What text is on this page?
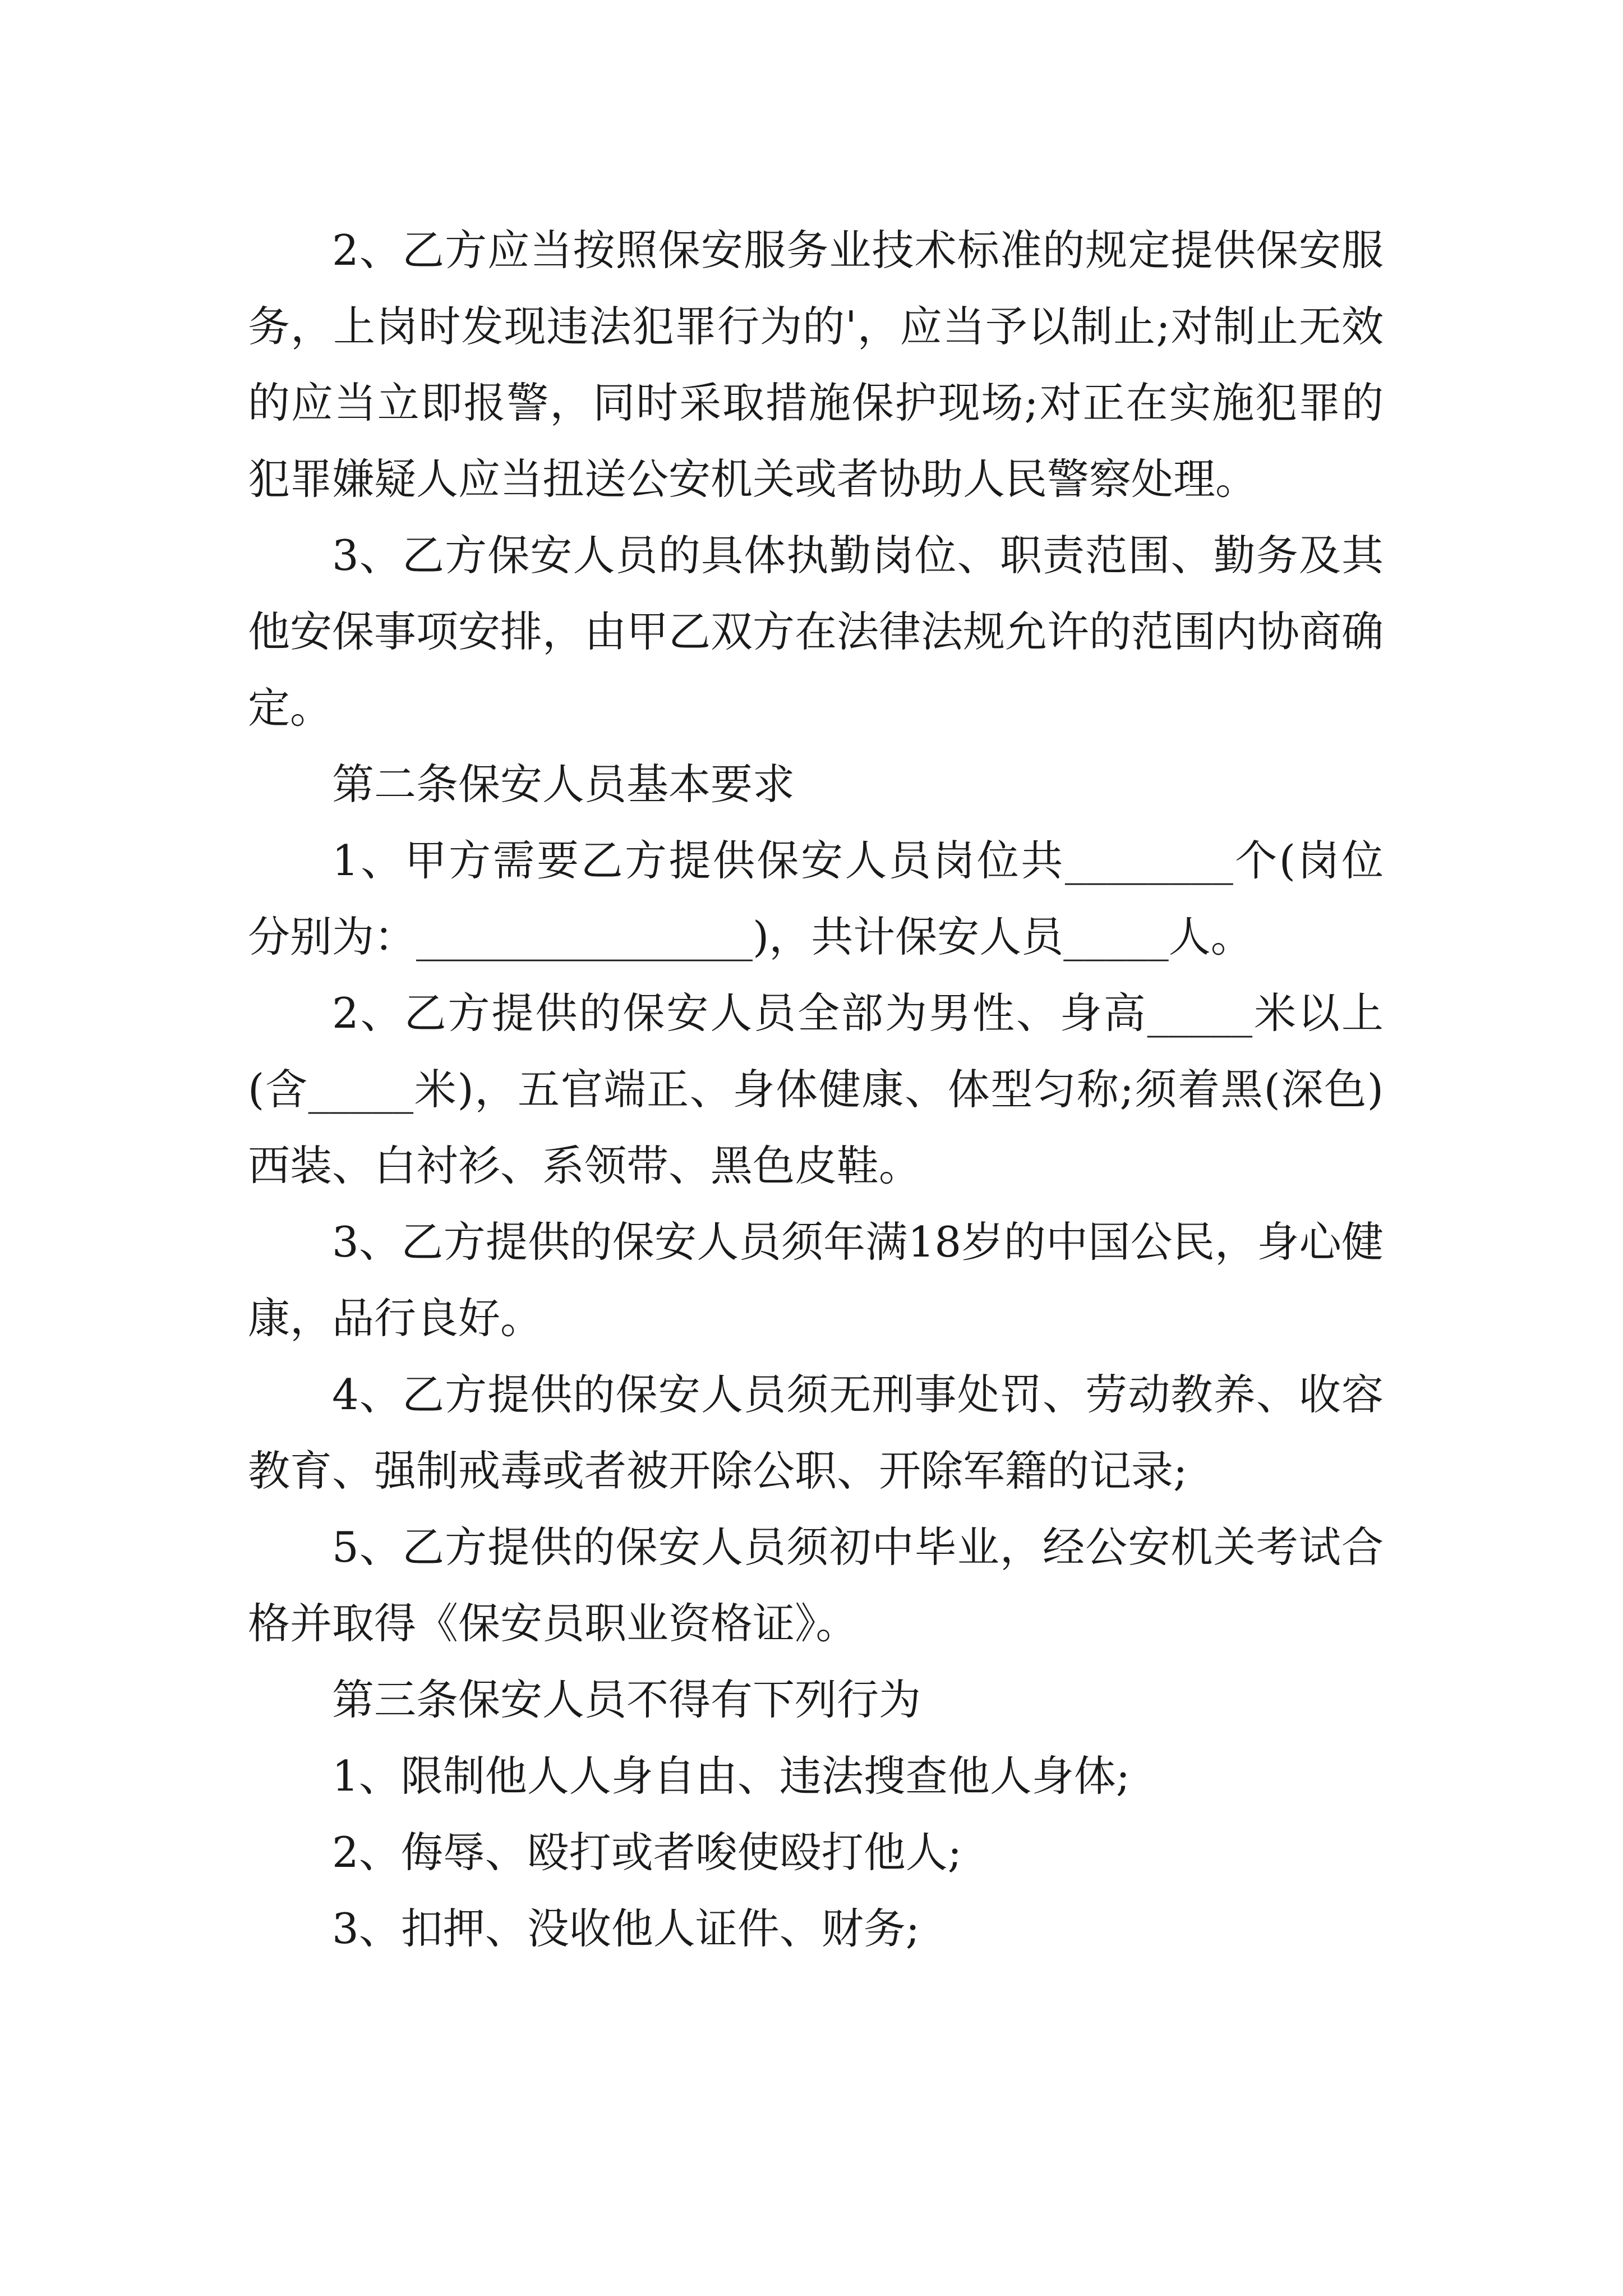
2、乙方应当按照保安服务业技术标准的规定提供保安服务，上岗时发现违法犯罪行为的'，应当予以制止;对制止无效的应当立即报警，同时采取措施保护现场;对正在实施犯罪的犯罪嫌疑人应当扭送公安机关或者协助人民警察处理。

3、乙方保安人员的具体执勤岗位、职责范围、勤务及其他安保事项安排，由甲乙双方在法律法规允许的范围内协商确定。

第二条保安人员基本要求

1、甲方需要乙方提供保安人员岗位共________个(岗位分别为：________________)，共计保安人员_____人。

2、乙方提供的保安人员全部为男性、身高_____米以上(含_____米)，五官端正、身体健康、体型匀称;须着黑(深色)西装、白衬衫、系领带、黑色皮鞋。

3、乙方提供的保安人员须年满18岁的中国公民，身心健康，品行良好。

4、乙方提供的保安人员须无刑事处罚、劳动教养、收容教育、强制戒毒或者被开除公职、开除军籍的记录;

5、乙方提供的保安人员须初中毕业，经公安机关考试合格并取得《保安员职业资格证》。

第三条保安人员不得有下列行为

1、限制他人人身自由、违法搜查他人身体;

2、侮辱、殴打或者唆使殴打他人;

3、扣押、没收他人证件、财务;
